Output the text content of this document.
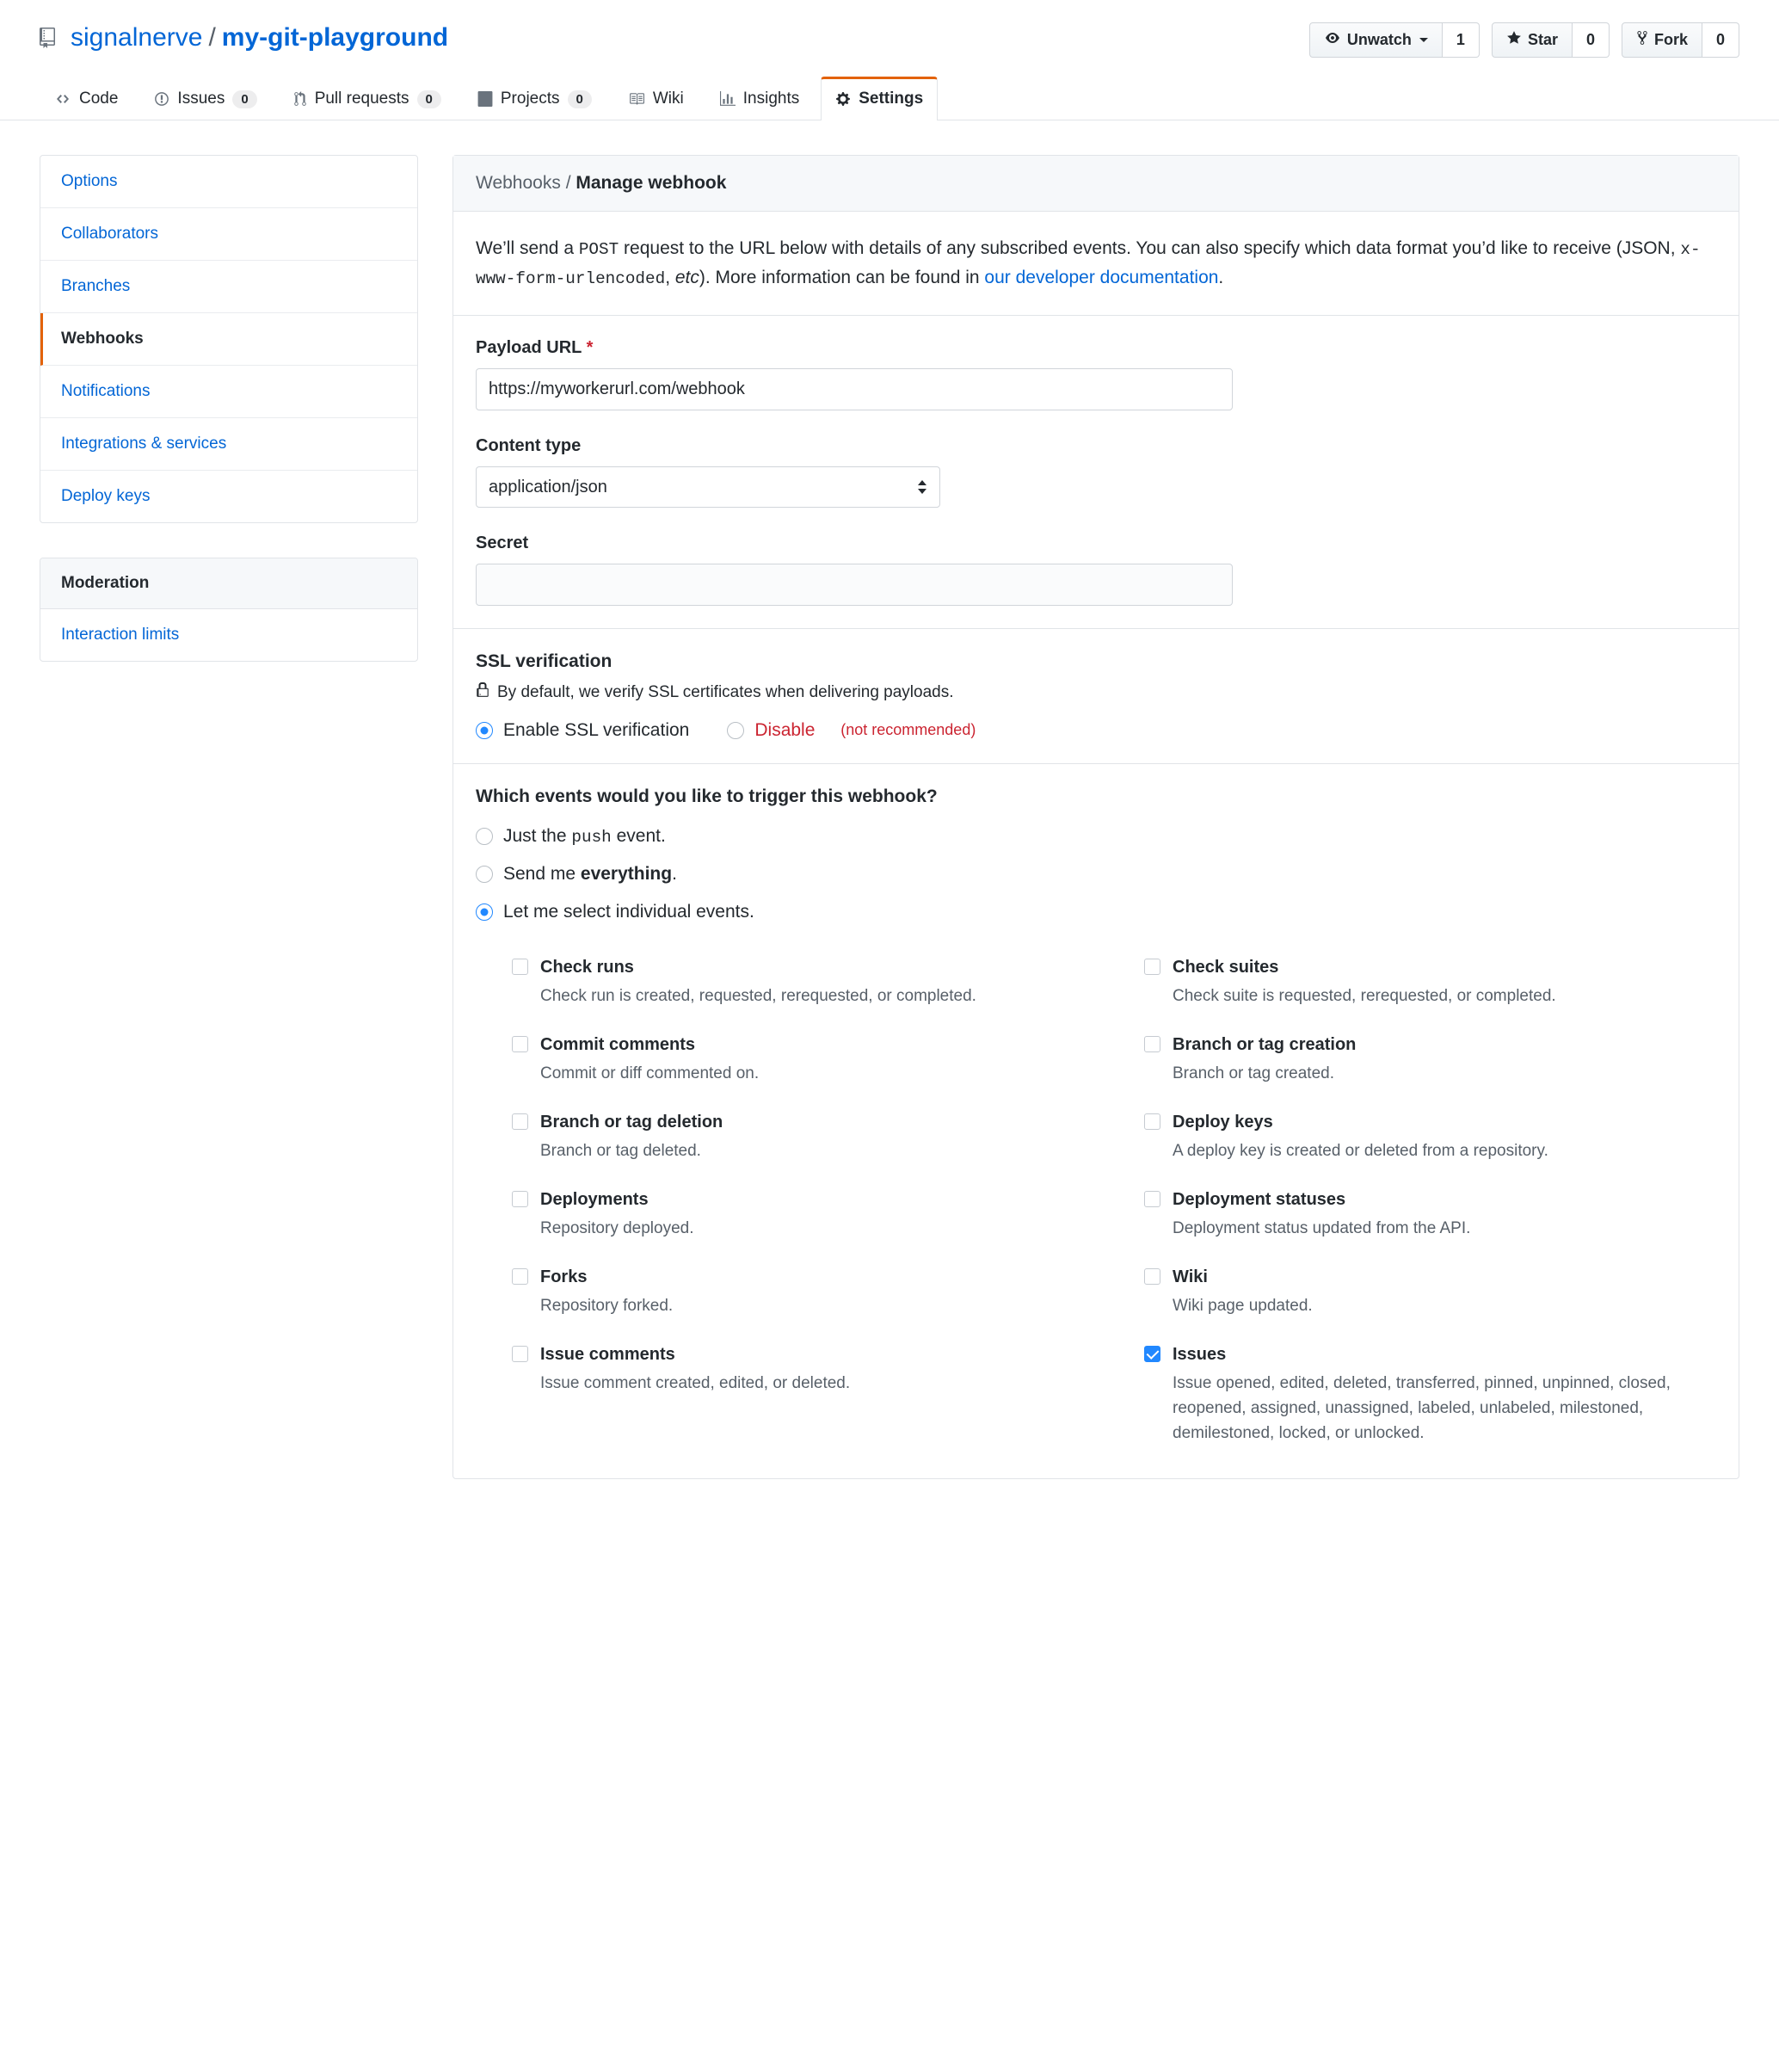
signalnerve / my-git-playground	Unwatch	1	Star	0	Fork	0
Code	Issues	0	Pull requests	0	Projects	0	Wiki	Insights	Settings
Options
Collaborators
Branches
Webhooks
Notifications
Integrations & services
Deploy keys
Moderation
Interaction limits
Webhooks / Manage webhook
We’ll send a POST request to the URL below with details of any subscribed events. You can also specify which data format you’d like to receive (JSON, x-www-form-urlencoded, etc). More information can be found in our developer documentation.
Payload URL *
https://myworkerurl.com/webhook
Content type
application/json
Secret
SSL verification
By default, we verify SSL certificates when delivering payloads.
Enable SSL verification	Disable
(not recommended)
Which events would you like to trigger this webhook?
Just the push event.
Send me everything.
Let me select individual events.
Check runs
Check run is created, requested, rerequested, or completed.
Check suites
Check suite is requested, rerequested, or completed.
Commit comments
Commit or diff commented on.
Branch or tag creation
Branch or tag created.
Branch or tag deletion
Branch or tag deleted.
Deploy keys
A deploy key is created or deleted from a repository.
Deployments
Repository deployed.
Deployment statuses
Deployment status updated from the API.
Forks
Repository forked.
Wiki
Wiki page updated.
Issue comments
Issue comment created, edited, or deleted.
Issues
Issue opened, edited, deleted, transferred, pinned, unpinned, closed, reopened, assigned, unassigned, labeled, unlabeled, milestoned, demilestoned, locked, or unlocked.
